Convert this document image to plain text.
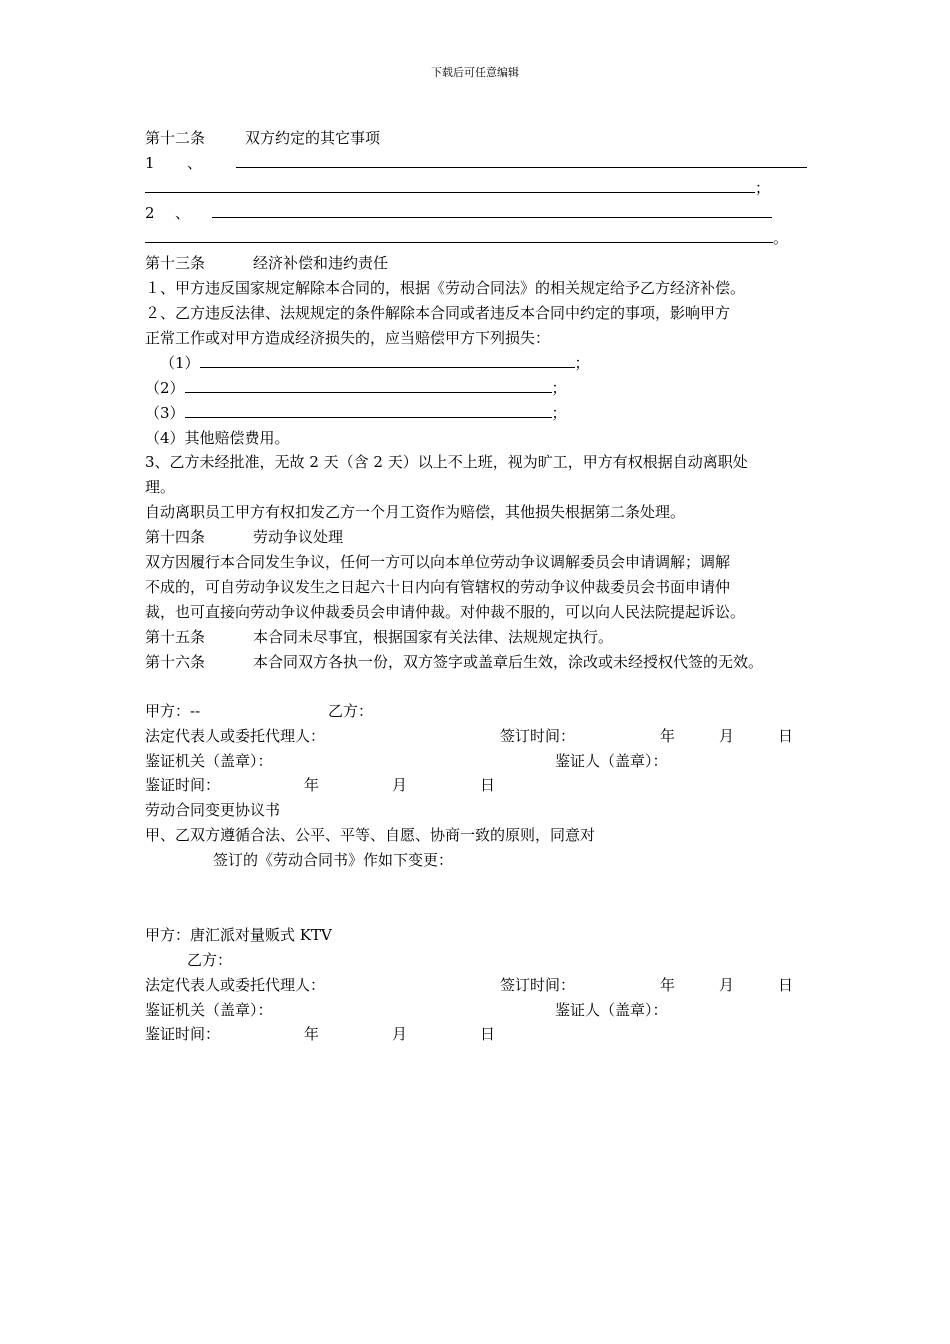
下载后可任意编辑
第十二条	双方约定的其它事项
1 、
；
2 、
。
第十三条	经济补偿和违约责任
１、甲方违反国家规定解除本合同的，根据《劳动合同法》的相关规定给予乙方经济补偿。
２、乙方违反法律、法规规定的条件解除本合同或者违反本合同中约定的事项，影响甲方
正常工作或对甲方造成经济损失的，应当赔偿甲方下列损失：
（1）	；
（2）	；
（3）	；
（4）其他赔偿费用。
3、乙方未经批准，无故 2 天（含 2 天）以上不上班，视为旷工，甲方有权根据自动离职处
理。
自动离职员工甲方有权扣发乙方一个月工资作为赔偿，其他损失根据第二条处理。
第十四条	劳动争议处理
双方因履行本合同发生争议，任何一方可以向本单位劳动争议调解委员会申请调解；调解
不成的，可自劳动争议发生之日起六十日内向有管辖权的劳动争议仲裁委员会书面申请仲
裁，也可直接向劳动争议仲裁委员会申请仲裁。对仲裁不服的，可以向人民法院提起诉讼。
第十五条	本合同未尽事宜，根据国家有关法律、法规规定执行。
第十六条	本合同双方各执一份，双方签字或盖章后生效，涂改或未经授权代签的无效。
甲方：--	乙方：
法定代表人或委托代理人：	签订时间：	年	月	日
鉴证机关（盖章）：	鉴证人（盖章）：
鉴证时间：	年	月	日
劳动合同变更协议书
甲、乙双方遵循合法、公平、平等、自愿、协商一致的原则，同意对
签订的《劳动合同书》作如下变更：
甲方：唐汇派对量贩式 KTV
乙方：
法定代表人或委托代理人：	签订时间：	年	月	日
鉴证机关（盖章）：	鉴证人（盖章）：
鉴证时间：	年	月	日
